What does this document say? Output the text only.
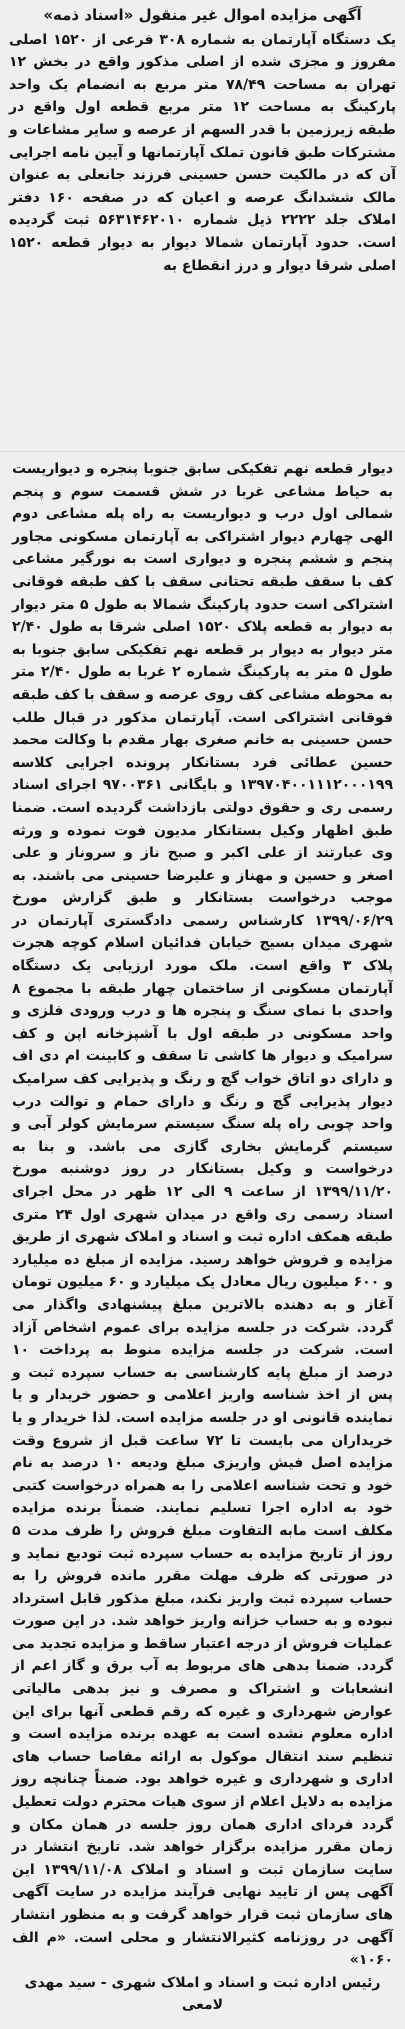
آگهی مزایده اموال غیر منقول «اسناد ذمه»

یک دستگاه آپارتمان به شماره ۳۰۸ فرعی از ۱۵۲۰ اصلی مفروز و مجزی شده از اصلی مذکور واقع در بخش ۱۲ تهران به مساحت ۷۸/۴۹ متر مربع به انضمام یک واحد پارکینگ به مساحت ۱۲ متر مربع قطعه اول واقع در طبقه زیرزمین با قدر السهم از عرصه و سایر مشاعات و مشترکات طبق قانون تملک آپارتمانها و آیین نامه اجرایی آن که در مالکیت حسن حسینی فرزند جانعلی به عنوان مالک ششدانگ عرصه و اعیان که در صفحه ۱۶۰ دفتر املاک جلد ۲۲۲۲ ذیل شماره ۵۶۳۱۴۶۲۰۱۰ ثبت گردیده است. حدود آپارتمان شمالا دیوار به دیوار قطعه ۱۵۲۰ اصلی شرقا دیوار و درز انقطاع به

دیوار قطعه نهم تفکیکی سابق جنوبا پنجره و دیواریست به حیاط مشاعی غربا در شش قسمت سوم و پنجم شمالی اول درب و دیواریست به راه پله مشاعی دوم الهی چهارم دیوار اشتراکی به آپارتمان مسکونی مجاور پنجم و ششم پنجره و دیواری است به نورگیر مشاعی کف با سقف طبقه تحتانی سقف با کف طبقه فوقانی اشتراکی است حدود پارکینگ شمالا به طول ۵ متر دیوار به دیوار به قطعه پلاک ۱۵۲۰ اصلی شرقا به طول ۲/۴۰ متر دیوار به دیوار بر قطعه نهم تفکیکی سابق جنوبا به طول ۵ متر به پارکینگ شماره ۲ غربا به طول ۲/۴۰ متر به محوطه مشاعی کف روی عرصه و سقف با کف طبقه فوقانی اشتراکی است. آپارتمان مذکور در قبال طلب حسن حسینی به خانم صغری بهار مقدم با وکالت محمد حسین عطائی فرد بستانکار پرونده اجرایی کلاسه ۱۳۹۷۰۴۰۰۱۱۱۲۰۰۰۱۹۹ و بایگانی ۹۷۰۰۳۶۱ اجرای اسناد رسمی ری و حقوق دولتی بازداشت گردیده است. ضمنا طبق اظهار وکیل بستانکار مدیون فوت نموده و ورثه وی عبارتند از علی اکبر و صبح ناز و سروناز و علی اصغر و حسین و مهناز و علیرضا حسینی می باشند. به موجب درخواست بستانکار و طبق گزارش مورخ ۱۳۹۹/۰۶/۲۹ کارشناس رسمی دادگستری آپارتمان در شهری میدان بسیج خیابان فدائیان اسلام کوچه هجرت پلاک ۳ واقع است. ملک مورد ارزیابی یک دستگاه آپارتمان مسکونی از ساختمان چهار طبقه با مجموع ۸ واحدی با نمای سنگ و پنجره ها و درب ورودی فلزی و واحد مسکونی در طبقه اول با آشپزخانه اپن و کف سرامیک و دیوار ها کاشی تا سقف و کابینت ام دی اف و دارای دو اتاق خواب گچ و رنگ و پذیرایی کف سرامیک دیوار پذیرایی گچ و رنگ و دارای حمام و توالت درب واحد چوبی راه پله سنگ سیستم سرمایش کولر آبی و سیستم گرمایش بخاری گازی می باشد. و بنا به درخواست و وکیل بستانکار در روز دوشنبه مورخ ۱۳۹۹/۱۱/۲۰ از ساعت ۹ الی ۱۲ ظهر در محل اجرای اسناد رسمی ری واقع در میدان شهری اول ۲۴ متری طبقه همکف اداره ثبت و اسناد و املاک شهری از طریق مزایده و فروش خواهد رسید. مزایده از مبلغ ده میلیارد و ۶۰۰ میلیون ریال معادل یک میلیارد و ۶۰ میلیون تومان آغاز و به دهنده بالاترین مبلغ پیشنهادی واگذار می گردد. شرکت در جلسه مزایده برای عموم اشخاص آزاد است. شرکت در جلسه مزایده منوط به پرداخت ۱۰ درصد از مبلغ پایه کارشناسی به حساب سپرده ثبت و پس از اخذ شناسه واریز اعلامی و حضور خریدار و یا نماینده قانونی او در جلسه مزایده است. لذا خریدار و یا خریداران می بایست تا ۷۲ ساعت قبل از شروع وقت مزایده اصل فیش واریزی مبلغ ودیعه ۱۰ درصد به نام خود و تحت شناسه اعلامی را به همراه درخواست کتبی خود به اداره اجرا تسلیم نمایند. ضمناً برنده مزایده مکلف است مابه التفاوت مبلغ فروش را ظرف مدت ۵ روز از تاریخ مزایده به حساب سپرده ثبت تودیع نماید و در صورتی که ظرف مهلت مقرر مانده فروش را به حساب سپرده ثبت واریز نکند، مبلغ مذکور قابل استرداد نبوده و به حساب خزانه واریز خواهد شد. در این صورت عملیات فروش از درجه اعتبار ساقط و مزایده تجدید می گردد. ضمنا بدهی های مربوط به آب برق و گاز اعم از انشعابات و اشتراک و مصرف و نیز بدهی مالیاتی عوارض شهرداری و غیره که رقم قطعی آنها برای این اداره معلوم نشده است به عهده برنده مزایده است و تنظیم سند انتقال موکول به ارائه مفاصا حساب های اداری و شهرداری و غیره خواهد بود. ضمناً چنانچه روز مزایده به دلایل اعلام از سوی هیات محترم دولت تعطیل گردد فردای اداری همان روز جلسه در همان مکان و زمان مقرر مزایده برگزار خواهد شد. تاریخ انتشار در سایت سازمان ثبت و اسناد و املاک ۱۳۹۹/۱۱/۰۸ این آگهی پس از تایید نهایی فرآیند مزایده در سایت آگهی های سازمان ثبت قرار خواهد گرفت و به منظور انتشار آگهی در روزنامه کثیرالانتشار و محلی است. «م الف ۱۰۶۰»

رئیس اداره ثبت و اسناد و املاک شهری - سید مهدی لامعی
